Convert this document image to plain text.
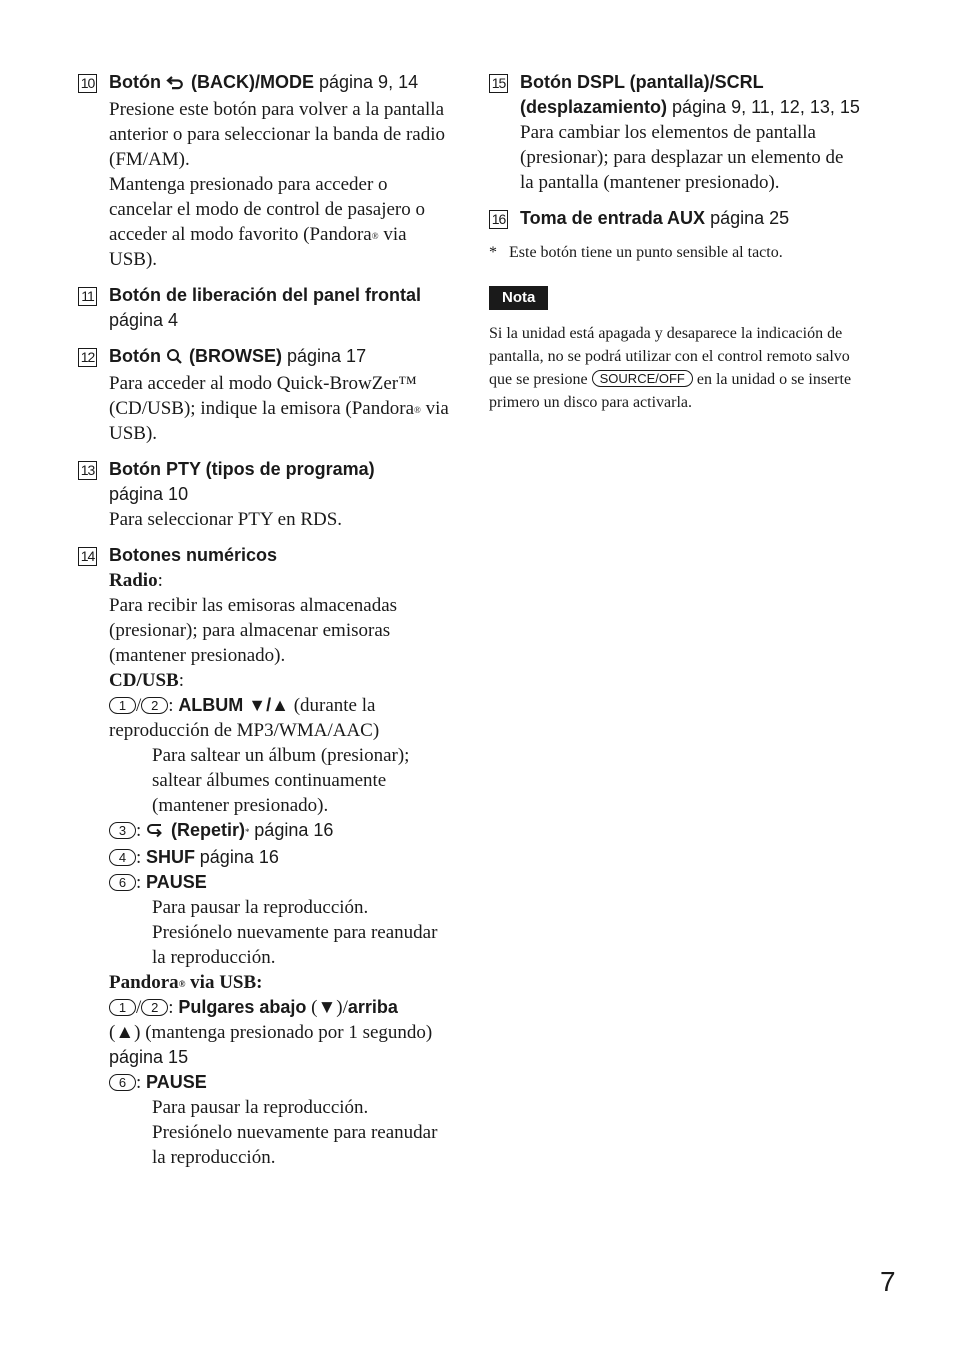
10 Botón  (BACK)/MODE página 9, 14
Presione este botón para volver a la pantalla anterior o para seleccionar la banda de radio (FM/AM).
Mantenga presionado para acceder o cancelar el modo de control de pasajero o acceder al modo favorito (Pandora® via USB).
11 Botón de liberación del panel frontal página 4
12 Botón  (BROWSE) página 17
Para acceder al modo Quick-BrowZer™ (CD/USB); indique la emisora (Pandora® via USB).
13 Botón PTY (tipos de programa)
página 10
Para seleccionar PTY en RDS.
14 Botones numéricos
Radio:
Para recibir las emisoras almacenadas (presionar); para almacenar emisoras (mantener presionado).
CD/USB:
1 / 2 : ALBUM ▼/▲ (durante la reproducción de MP3/WMA/AAC)
Para saltear un álbum (presionar); saltear álbumes continuamente (mantener presionado).
3 :  (Repetir)* página 16
4 : SHUF página 16
6 : PAUSE
Para pausar la reproducción. Presiónelo nuevamente para reanudar la reproducción.
Pandora® via USB:
1 / 2 : Pulgares abajo (▼)/arriba
(▲) (mantenga presionado por 1 segundo) página 15
6 : PAUSE
Para pausar la reproducción. Presiónelo nuevamente para reanudar la reproducción.
15 Botón DSPL (pantalla)/SCRL (desplazamiento) página 9, 11, 12, 13, 15
Para cambiar los elementos de pantalla (presionar); para desplazar un elemento de la pantalla (mantener presionado).
16 Toma de entrada AUX página 25
* Este botón tiene un punto sensible al tacto.
Nota
Si la unidad está apagada y desaparece la indicación de pantalla, no se podrá utilizar con el control remoto salvo que se presione SOURCE/OFF en la unidad o se inserte primero un disco para activarla.
7
